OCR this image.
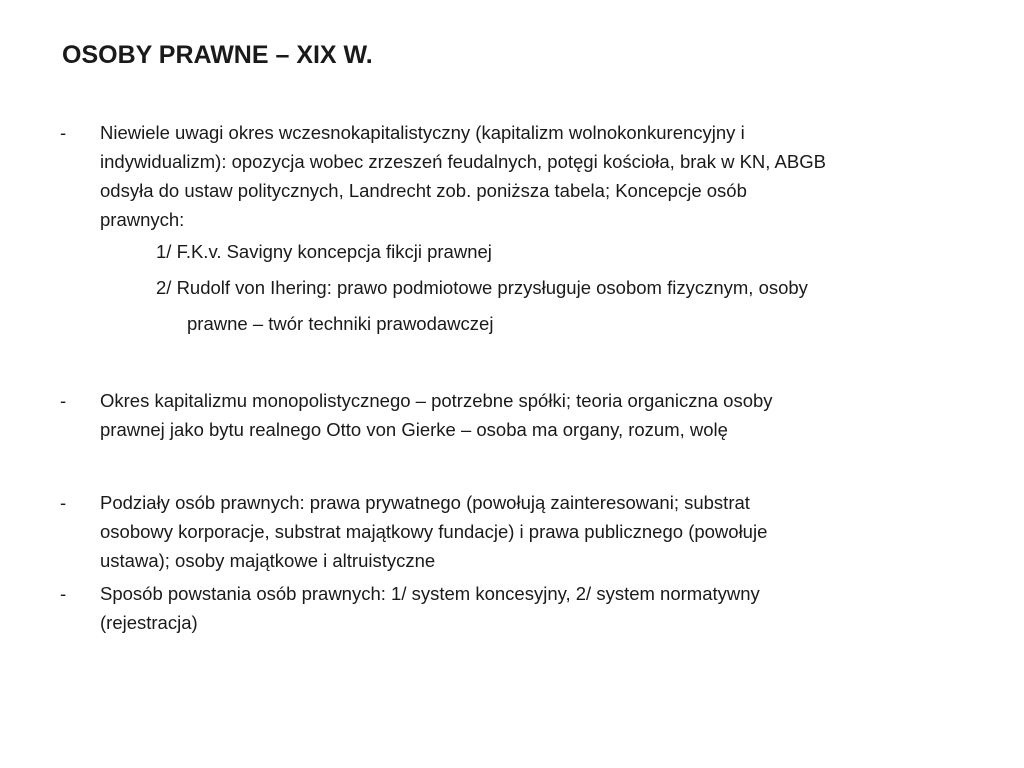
OSOBY PRAWNE – XIX W.
- Niewiele uwagi okres wczesnokapitalistyczny (kapitalizm wolnokonkurencyjny i
indywidualizm): opozycja wobec zrzeszeń feudalnych, potęgi kościoła, brak w KN, ABGB
odsyła do ustaw politycznych, Landrecht zob. poniższa tabela; Koncepcje osób
prawnych:
1/ F.K.v. Savigny koncepcja fikcji prawnej
2/ Rudolf von Ihering: prawo podmiotowe przysługuje osobom fizycznym, osoby
prawne – twór techniki prawodawczej
- Okres kapitalizmu monopolistycznego – potrzebne spółki; teoria organiczna osoby
prawnej jako bytu realnego Otto von Gierke – osoba ma organy, rozum, wolę
- Podziały osób prawnych: prawa prywatnego (powołują zainteresowani; substrat
osobowy korporacje, substrat majątkowy fundacje) i prawa publicznego (powołuje
ustawa); osoby majątkowe i altruistyczne
- Sposób powstania osób prawnych: 1/ system koncesyjny, 2/ system normatywny
(rejestracja)
